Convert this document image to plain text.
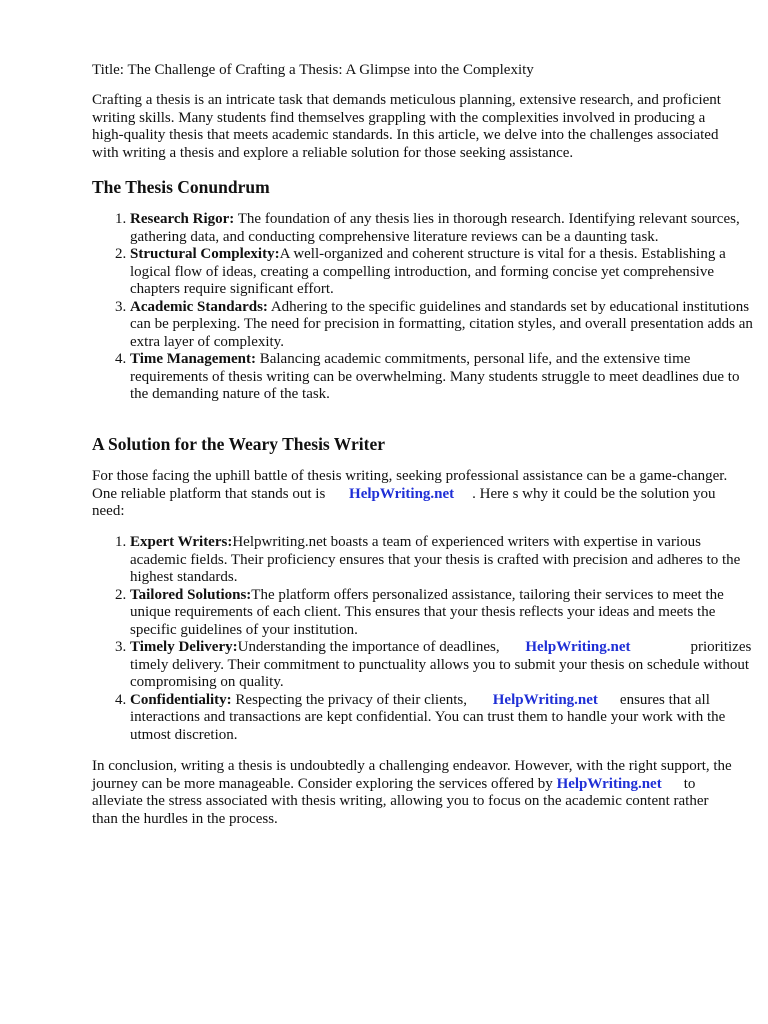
Title: The Challenge of Crafting a Thesis: A Glimpse into the Complexity

Crafting a thesis is an intricate task that demands meticulous planning, extensive research, and proficient writing skills. Many students find themselves grappling with the complexities involved in producing a high-quality thesis that meets academic standards. In this article, we delve into the challenges associated with writing a thesis and explore a reliable solution for those seeking assistance.

The Thesis Conundrum
1. Research Rigor: The foundation of any thesis lies in thorough research. Identifying relevant sources, gathering data, and conducting comprehensive literature reviews can be a daunting task.
2. Structural Complexity:A well-organized and coherent structure is vital for a thesis. Establishing a logical flow of ideas, creating a compelling introduction, and forming concise yet comprehensive chapters require significant effort.
3. Academic Standards: Adhering to the specific guidelines and standards set by educational institutions can be perplexing. The need for precision in formatting, citation styles, and overall presentation adds an extra layer of complexity.
4. Time Management: Balancing academic commitments, personal life, and the extensive time requirements of thesis writing can be overwhelming. Many students struggle to meet deadlines due to the demanding nature of the task.
A Solution for the Weary Thesis Writer

For those facing the uphill battle of thesis writing, seeking professional assistance can be a game-changer. One reliable platform that stands out is HelpWriting.net . Here s why it could be the solution you need:

1. Expert Writers:Helpwriting.net boasts a team of experienced writers with expertise in various academic fields. Their proficiency ensures that your thesis is crafted with precision and adheres to the highest standards.
2. Tailored Solutions:The platform offers personalized assistance, tailoring their services to meet the unique requirements of each client. This ensures that your thesis reflects your ideas and meets the specific guidelines of your institution.
3. Timely Delivery:Understanding the importance of deadlines, HelpWriting.net	prioritizes timely delivery. Their commitment to punctuality allows you to submit your thesis on schedule without compromising on quality.
4. Confidentiality: Respecting the privacy of their clients, HelpWriting.net ensures that all interactions and transactions are kept confidential. You can trust them to handle your work with the utmost discretion.

In conclusion, writing a thesis is undoubtedly a challenging endeavor. However, with the right support, the journey can be more manageable. Consider exploring the services offered by HelpWriting.net to alleviate the stress associated with thesis writing, allowing you to focus on the academic content rather than the hurdles in the process.
